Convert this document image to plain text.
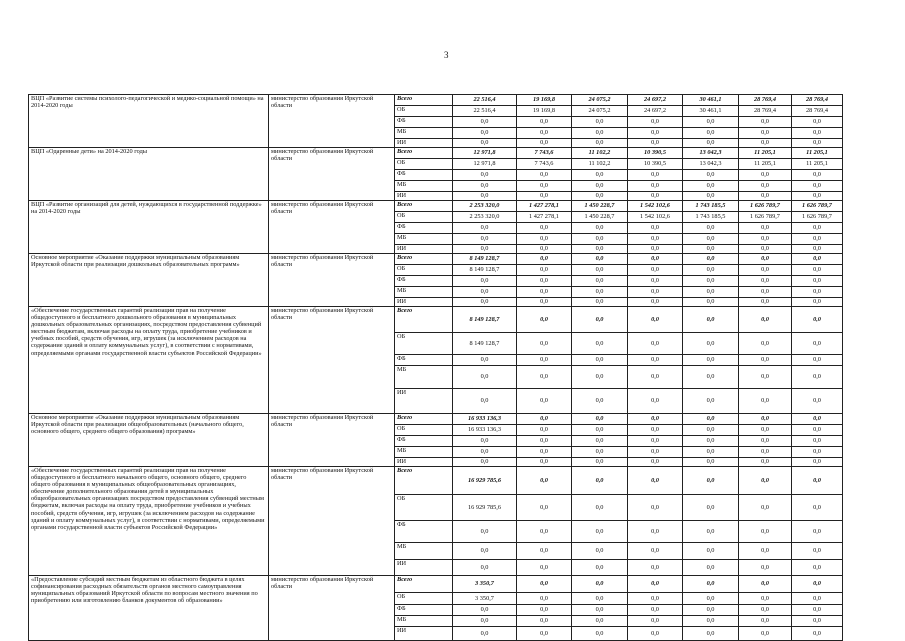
3
ВЦП «Развитие системы психолого-педагогической и медико-социальной помощи» на 2014-2020 годы	министерство образования Иркутской области	Всего	22 516,4	19 169,8	24 075,2	24 697,2	30 461,1	28 769,4	28 769,4
		ОБ	22 516,4	19 169,8	24 075,2	24 697,2	30 461,1	28 769,4	28 769,4
		ФБ	0,0	0,0	0,0	0,0	0,0	0,0	0,0
		МБ	0,0	0,0	0,0	0,0	0,0	0,0	0,0
		ИИ	0,0	0,0	0,0	0,0	0,0	0,0	0,0
ВЦП «Одаренные дети» на 2014-2020 годы	министерство образования Иркутской области	Всего	12 971,8	7 743,6	11 102,2	10 390,5	13 042,3	11 205,1	11 205,1
		ОБ	12 971,8	7 743,6	11 102,2	10 390,5	13 042,3	11 205,1	11 205,1
		ФБ	0,0	0,0	0,0	0,0	0,0	0,0	0,0
		МБ	0,0	0,0	0,0	0,0	0,0	0,0	0,0
		ИИ	0,0	0,0	0,0	0,0	0,0	0,0	0,0
ВЦП «Развитие организаций для детей, нуждающихся в государственной поддержке» на 2014-2020 годы	министерство образования Иркутской области	Всего	2 253 320,0	1 427 278,1	1 450 228,7	1 542 102,6	1 743 185,5	1 626 789,7	1 626 789,7
		ОБ	2 253 320,0	1 427 278,1	1 450 228,7	1 542 102,6	1 743 185,5	1 626 789,7	1 626 789,7
		ФБ	0,0	0,0	0,0	0,0	0,0	0,0	0,0
		МБ	0,0	0,0	0,0	0,0	0,0	0,0	0,0
		ИИ	0,0	0,0	0,0	0,0	0,0	0,0	0,0
Основное мероприятие «Оказание поддержки муниципальным образованиям Иркутской области при реализации дошкольных образовательных программ»	министерство образования Иркутской области	Всего	8 149 128,7	0,0	0,0	0,0	0,0	0,0	0,0
		ОБ	8 149 128,7	0,0	0,0	0,0	0,0	0,0	0,0
		ФБ	0,0	0,0	0,0	0,0	0,0	0,0	0,0
		МБ	0,0	0,0	0,0	0,0	0,0	0,0	0,0
		ИИ	0,0	0,0	0,0	0,0	0,0	0,0	0,0
«Обеспечение государственных гарантий реализации прав на получение общедоступного и бесплатного дошкольного образования в муниципальных дошкольных образовательных организациях, посредством предоставления субвенций местным бюджетам, включая расходы на оплату труда, приобретение учебников и учебных пособий, средств обучения, игр, игрушек (за исключением расходов на содержание зданий и оплату коммунальных услуг), в соответствии с нормативами, определяемыми органами государственной власти субъектов Российской Федерации»	министерство образования Иркутской области	Всего	8 149 128,7	0,0	0,0	0,0	0,0	0,0	0,0
		ОБ	8 149 128,7	0,0	0,0	0,0	0,0	0,0	0,0
		ФБ	0,0	0,0	0,0	0,0	0,0	0,0	0,0
		МБ	0,0	0,0	0,0	0,0	0,0	0,0	0,0
		ИИ	0,0	0,0	0,0	0,0	0,0	0,0	0,0
Основное мероприятие «Оказание поддержки муниципальным образованиям Иркутской области при реализации общеобразовательных (начального общего, основного общего, среднего общего образования) программ»	министерство образования Иркутской области	Всего	16 933 136,3	0,0	0,0	0,0	0,0	0,0	0,0
		ОБ	16 933 136,3	0,0	0,0	0,0	0,0	0,0	0,0
		ФБ	0,0	0,0	0,0	0,0	0,0	0,0	0,0
		МБ	0,0	0,0	0,0	0,0	0,0	0,0	0,0
		ИИ	0,0	0,0	0,0	0,0	0,0	0,0	0,0
«Обеспечение государственных гарантий реализации прав на получение общедоступного и бесплатного начального общего, основного общего, среднего общего образования в муниципальных общеобразовательных организациях, обеспечение дополнительного образования детей в муниципальных общеобразовательных организациях посредством предоставления субвенций местным бюджетам, включая расходы на оплату труда, приобретение учебников и учебных пособий, средств обучения, игр, игрушек (за исключением расходов на содержание зданий и оплату коммунальных услуг), в соответствии с нормативами, определяемыми органами государственной власти субъектов Российской Федерации»	министерство образования Иркутской области	Всего	16 929 785,6	0,0	0,0	0,0	0,0	0,0	0,0
		ОБ	16 929 785,6	0,0	0,0	0,0	0,0	0,0	0,0
		ФБ	0,0	0,0	0,0	0,0	0,0	0,0	0,0
		МБ	0,0	0,0	0,0	0,0	0,0	0,0	0,0
		ИИ	0,0	0,0	0,0	0,0	0,0	0,0	0,0
«Предоставление субсидий местным бюджетам из областного бюджета в целях софинансирования расходных обязательств органов местного самоуправления муниципальных образований Иркутской области по вопросам местного значения по приобретению или изготовлению бланков документов об образовании»	министерство образования Иркутской области	Всего	3 350,7	0,0	0,0	0,0	0,0	0,0	0,0
		ОБ	3 350,7	0,0	0,0	0,0	0,0	0,0	0,0
		ФБ	0,0	0,0	0,0	0,0	0,0	0,0	0,0
		МБ	0,0	0,0	0,0	0,0	0,0	0,0	0,0
		ИИ	0,0	0,0	0,0	0,0	0,0	0,0	0,0
